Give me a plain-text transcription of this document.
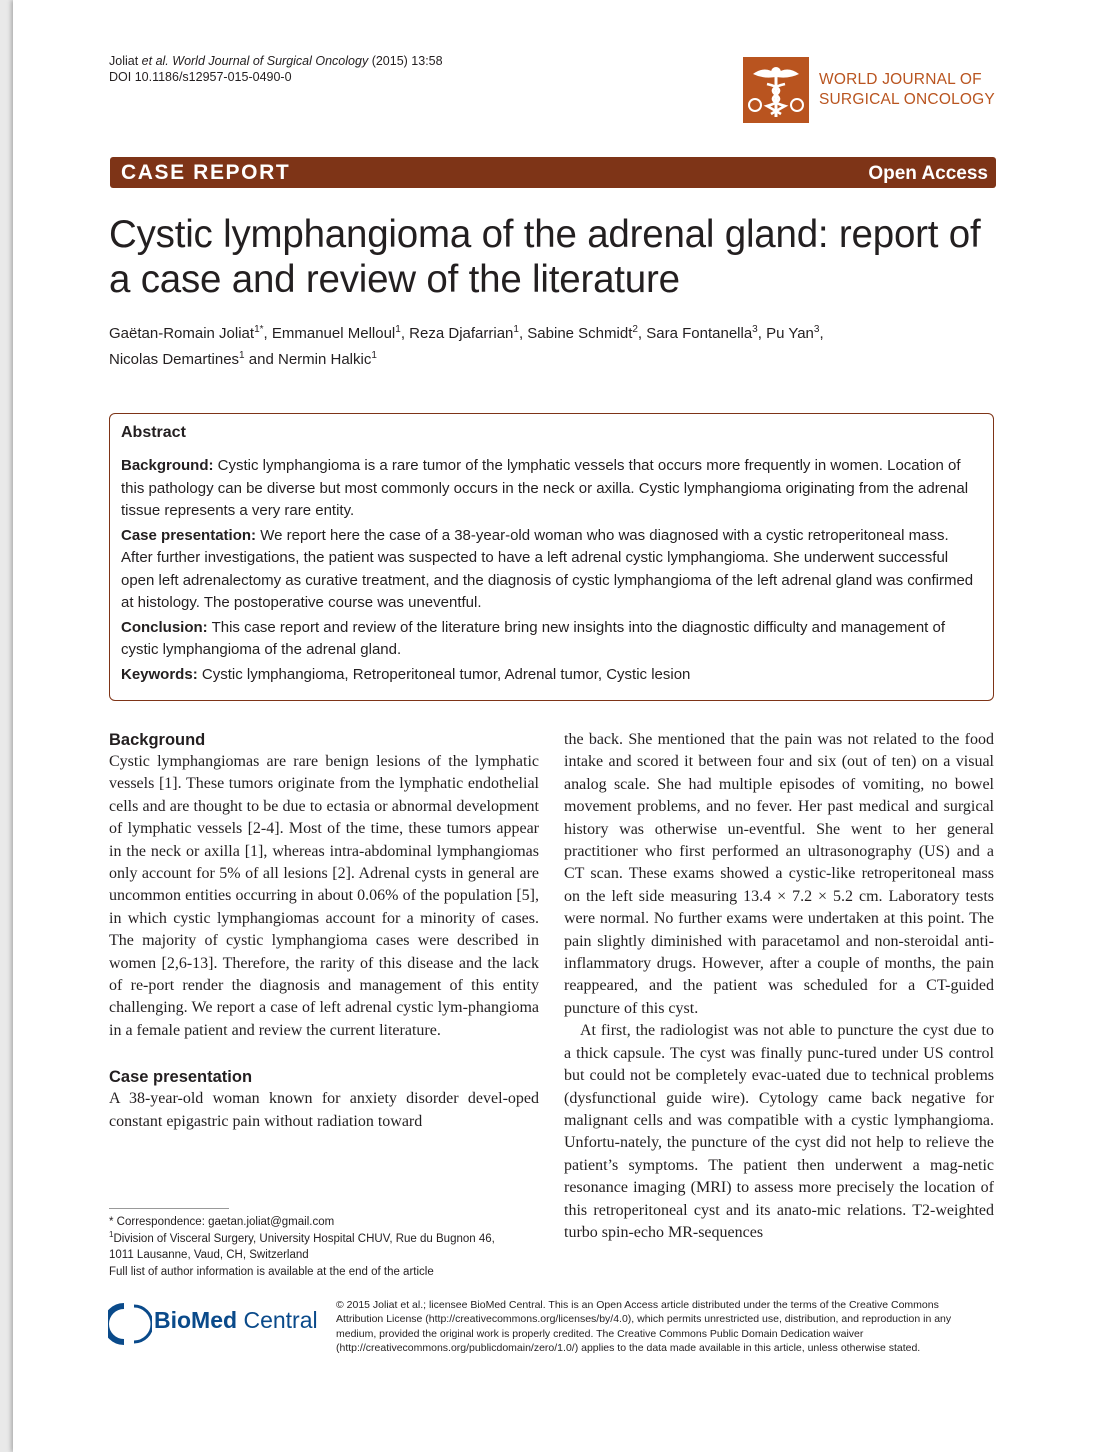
Joliat et al. World Journal of Surgical Oncology (2015) 13:58
DOI 10.1186/s12957-015-0490-0	WORLD JOURNAL OF
SURGICAL ONCOLOGY
CASE REPORT	Open Access
Cystic lymphangioma of the adrenal gland: report of a case and review of the literature
Gaëtan-Romain Joliat$^{1*}$, Emmanuel Melloul$^1$, Reza Djafarrian$^1$, Sabine Schmidt$^2$, Sara Fontanella$^3$, Pu Yan$^3$,
Nicolas Demartines$^1$ and Nermin Halkic$^1$
Abstract

Background: Cystic lymphangioma is a rare tumor of the lymphatic vessels that occurs more frequently in women. Location of this pathology can be diverse but most commonly occurs in the neck or axilla. Cystic lymphangioma originating from the adrenal tissue represents a very rare entity.

Case presentation: We report here the case of a 38-year-old woman who was diagnosed with a cystic retroperitoneal mass. After further investigations, the patient was suspected to have a left adrenal cystic lymphangioma. She underwent successful open left adrenalectomy as curative treatment, and the diagnosis of cystic lymphangioma of the left adrenal gland was confirmed at histology. The postoperative course was uneventful.

Conclusion: This case report and review of the literature bring new insights into the diagnostic difficulty and management of cystic lymphangioma of the adrenal gland.

Keywords: Cystic lymphangioma, Retroperitoneal tumor, Adrenal tumor, Cystic lesion

Background

Cystic lymphangiomas are rare benign lesions of the lymphatic vessels [1]. These tumors originate from the lymphatic endothelial cells and are thought to be due to ectasia or abnormal development of lymphatic vessels [2-4]. Most of the time, these tumors appear in the neck or axilla [1], whereas intra-abdominal lymphangiomas only account for 5% of all lesions [2]. Adrenal cysts in general are uncommon entities occurring in about 0.06% of the population [5], in which cystic lymphangiomas account for a minority of cases. The majority of cystic lymphangioma cases were described in women [2,6-13]. Therefore, the rarity of this disease and the lack of re-port render the diagnosis and management of this entity challenging. We report a case of left adrenal cystic lym-phangioma in a female patient and review the current literature.

Case presentation

A 38-year-old woman known for anxiety disorder devel-oped constant epigastric pain without radiation toward

the back. She mentioned that the pain was not related to the food intake and scored it between four and six (out of ten) on a visual analog scale. She had multiple episodes of vomiting, no bowel movement problems, and no fever. Her past medical and surgical history was otherwise un-eventful. She went to her general practitioner who first performed an ultrasonography (US) and a CT scan. These exams showed a cystic-like retroperitoneal mass on the left side measuring 13.4 × 7.2 × 5.2 cm. Laboratory tests were normal. No further exams were undertaken at this point. The pain slightly diminished with paracetamol and non-steroidal anti-inflammatory drugs. However, after a couple of months, the pain reappeared, and the patient was scheduled for a CT-guided puncture of this cyst.

At first, the radiologist was not able to puncture the cyst due to a thick capsule. The cyst was finally punc-tured under US control but could not be completely evac-uated due to technical problems (dysfunctional guide wire). Cytology came back negative for malignant cells and was compatible with a cystic lymphangioma. Unfortu-nately, the puncture of the cyst did not help to relieve the patient’s symptoms. The patient then underwent a mag-netic resonance imaging (MRI) to assess more precisely the location of this retroperitoneal cyst and its anato-mic relations. T2-weighted turbo spin-echo MR-sequences

* Correspondence: gaetan.joliat@gmail.com
$^1$Division of Visceral Surgery, University Hospital CHUV, Rue du Bugnon 46,
1011 Lausanne, Vaud, CH, Switzerland
Full list of author information is available at the end of the article
BioMed Central
© 2015 Joliat et al.; licensee BioMed Central. This is an Open Access article distributed under the terms of the Creative Commons Attribution License (http://creativecommons.org/licenses/by/4.0), which permits unrestricted use, distribution, and reproduction in any medium, provided the original work is properly credited. The Creative Commons Public Domain Dedication waiver (http://creativecommons.org/publicdomain/zero/1.0/) applies to the data made available in this article, unless otherwise stated.
